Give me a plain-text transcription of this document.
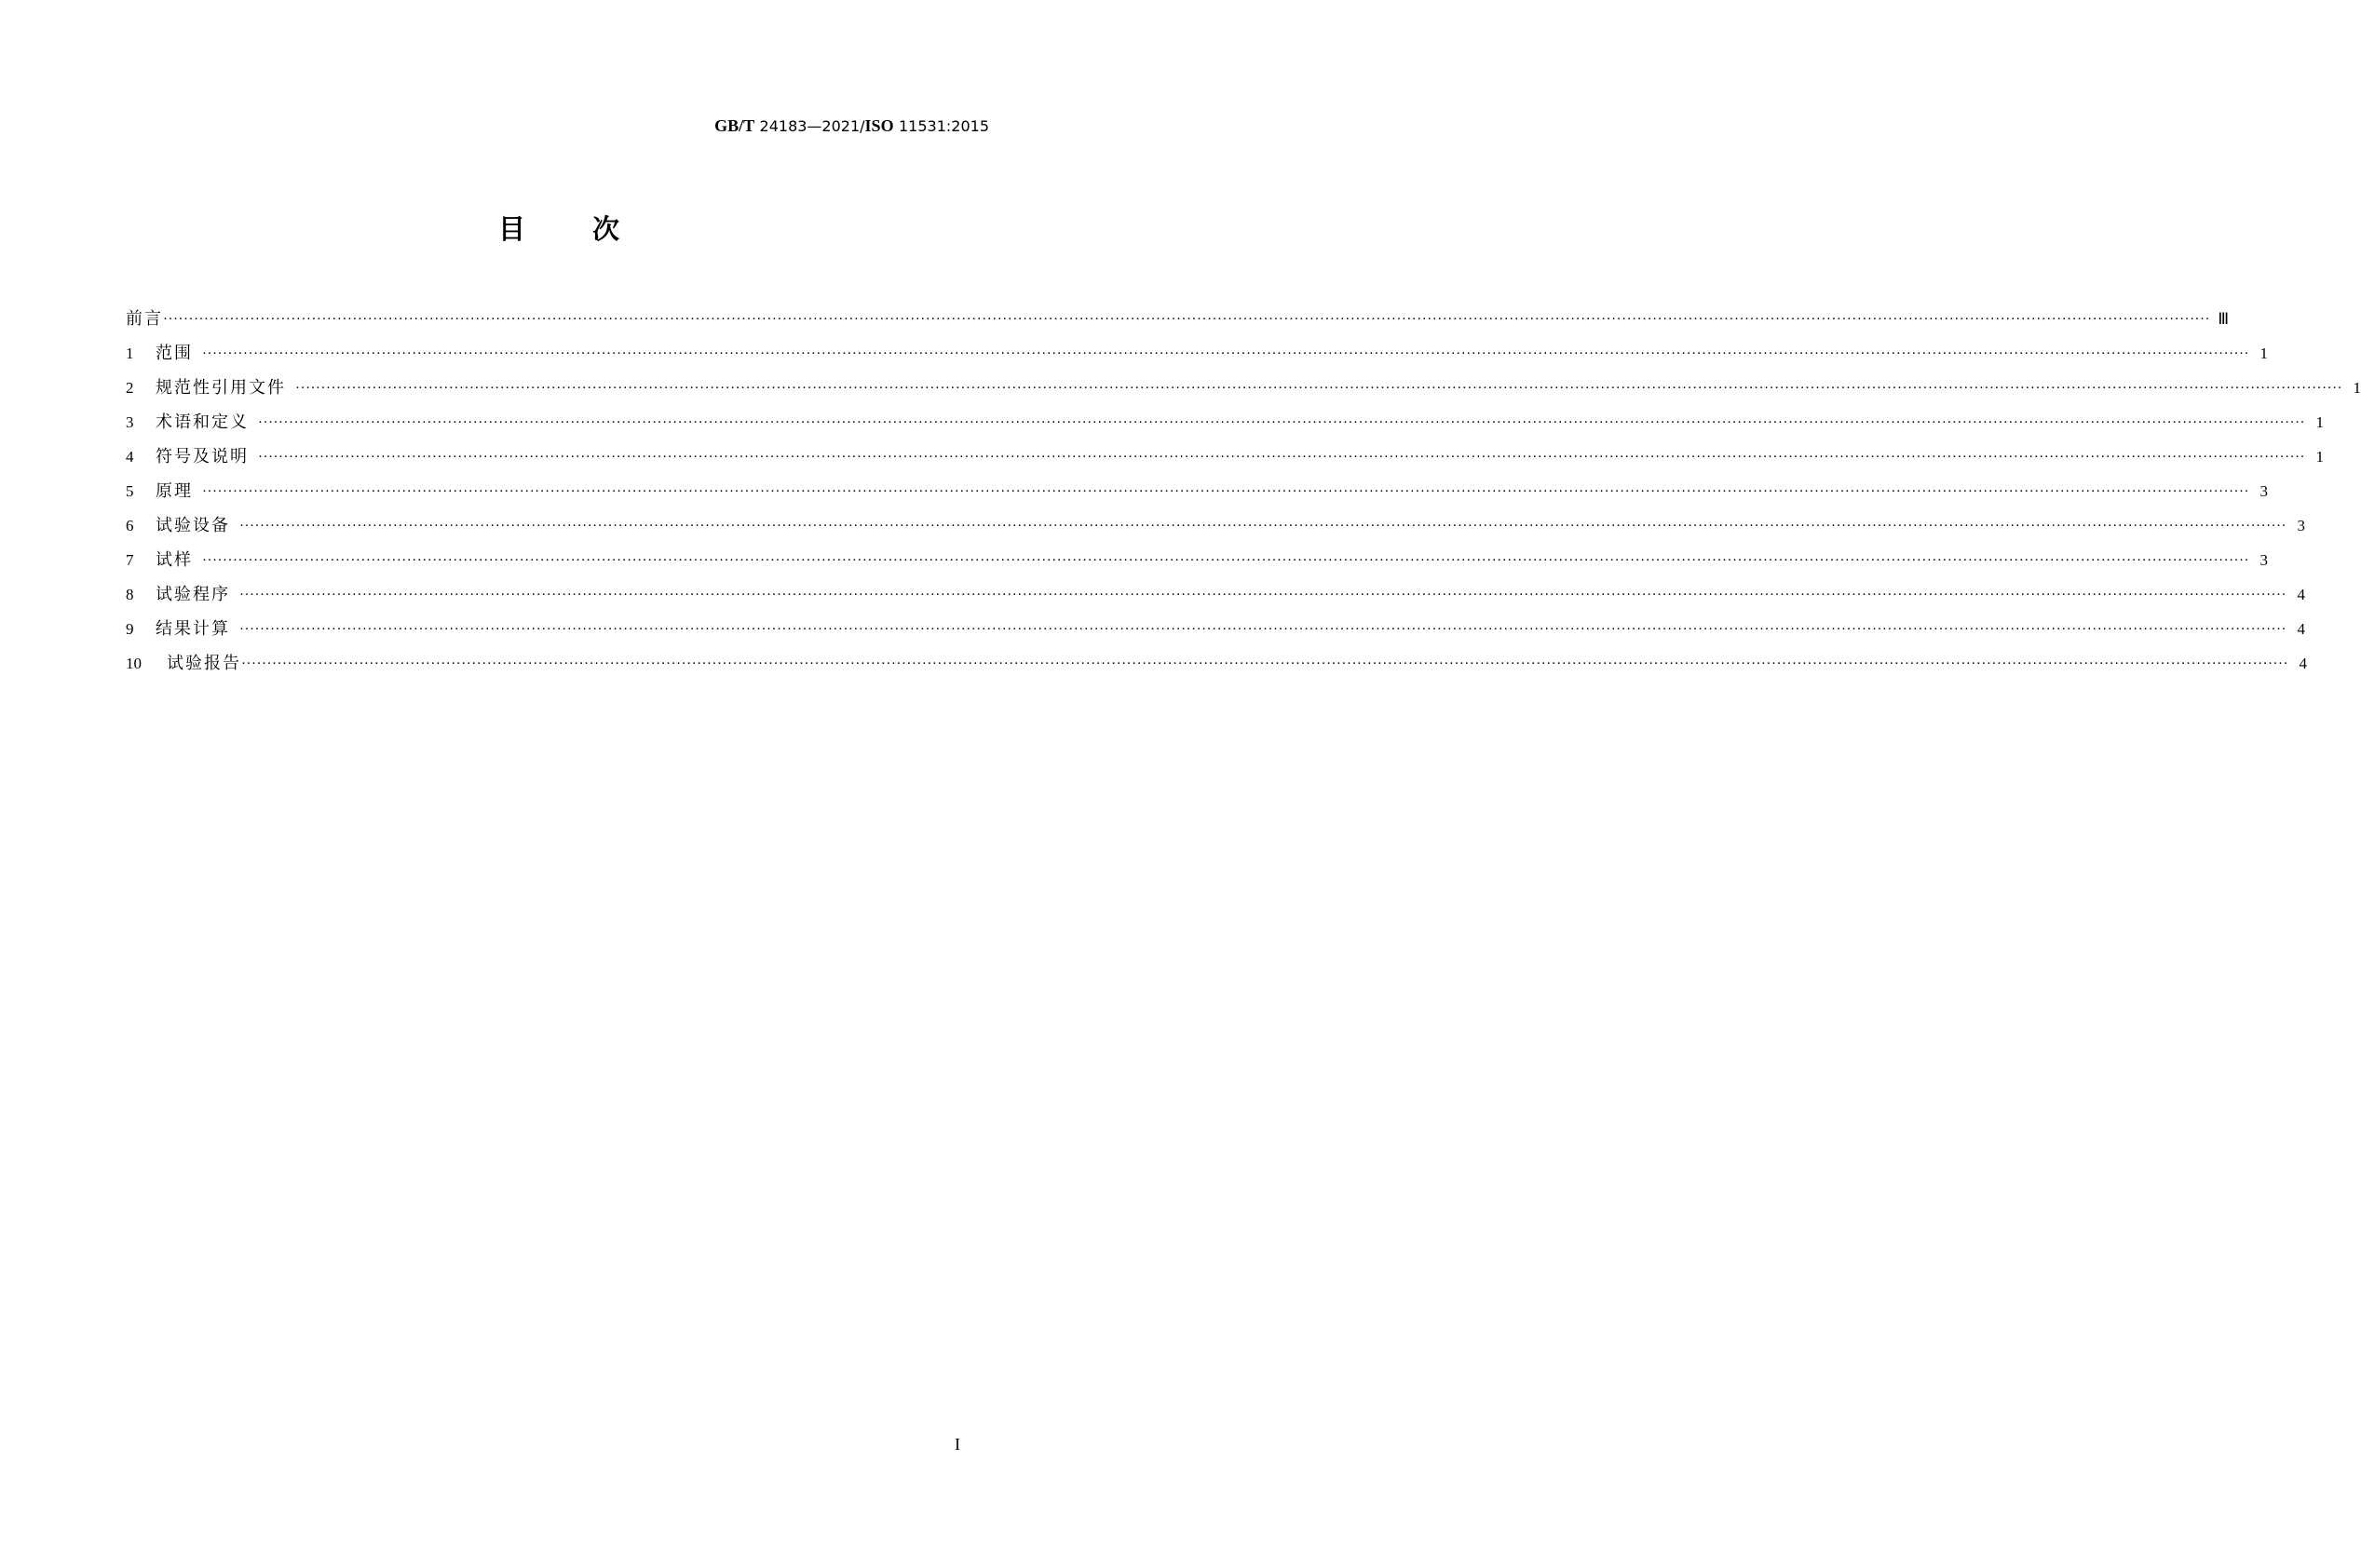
GB/T 24183—2021/ISO 11531:2015
目 次
前言 ················································································································································································································································································································································································································ Ⅲ
1	范围 ················································································································································································································································································································································································································ 1
2	规范性引用文件 ················································································································································································································································································································································································································ 1
3	术语和定义 ················································································································································································································································································································································································································ 1
4	符号及说明 ················································································································································································································································································································································································································ 1
5	原理 ················································································································································································································································································································································································································ 3
6	试验设备 ················································································································································································································································································································································································································ 3
7	试样 ················································································································································································································································································································································································································ 3
8	试验程序 ················································································································································································································································································································································································································ 4
9	结果计算 ················································································································································································································································································································································································································ 4
10	试验报告 ················································································································································································································································································································································································································ 4
I
